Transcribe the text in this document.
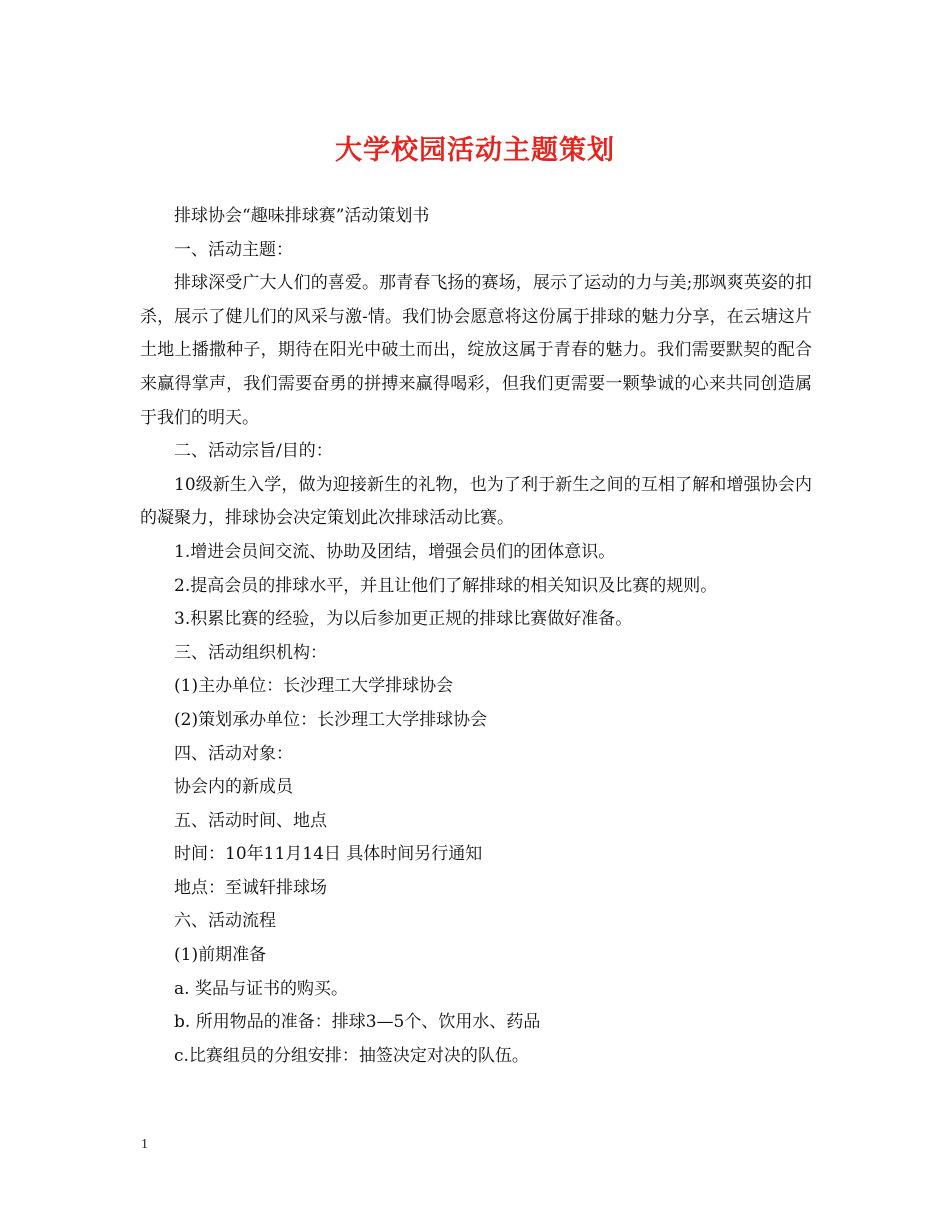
大学校园活动主题策划

排球协会“趣味排球赛”活动策划书

一、活动主题：

排球深受广大人们的喜爱。那青春飞扬的赛场，展示了运动的力与美;那飒爽英姿的扣杀，展示了健儿们的风采与激-情。我们协会愿意将这份属于排球的魅力分享，在云塘这片土地上播撒种子，期待在阳光中破土而出，绽放这属于青春的魅力。我们需要默契的配合来赢得掌声，我们需要奋勇的拼搏来赢得喝彩，但我们更需要一颗挚诚的心来共同创造属于我们的明天。

二、活动宗旨/目的：

10级新生入学，做为迎接新生的礼物，也为了利于新生之间的互相了解和增强协会内的凝聚力，排球协会决定策划此次排球活动比赛。

1.增进会员间交流、协助及团结，增强会员们的团体意识。

2.提高会员的排球水平，并且让他们了解排球的相关知识及比赛的规则。

3.积累比赛的经验，为以后参加更正规的排球比赛做好准备。

三、活动组织机构：

(1)主办单位：长沙理工大学排球协会

(2)策划承办单位：长沙理工大学排球协会

四、活动对象：

协会内的新成员

五、活动时间、地点

时间：10年11月14日 具体时间另行通知

地点：至诚轩排球场

六、活动流程

(1)前期准备

a. 奖品与证书的购买。

b. 所用物品的准备：排球3—5个、饮用水、药品

c.比赛组员的分组安排：抽签决定对决的队伍。

1
